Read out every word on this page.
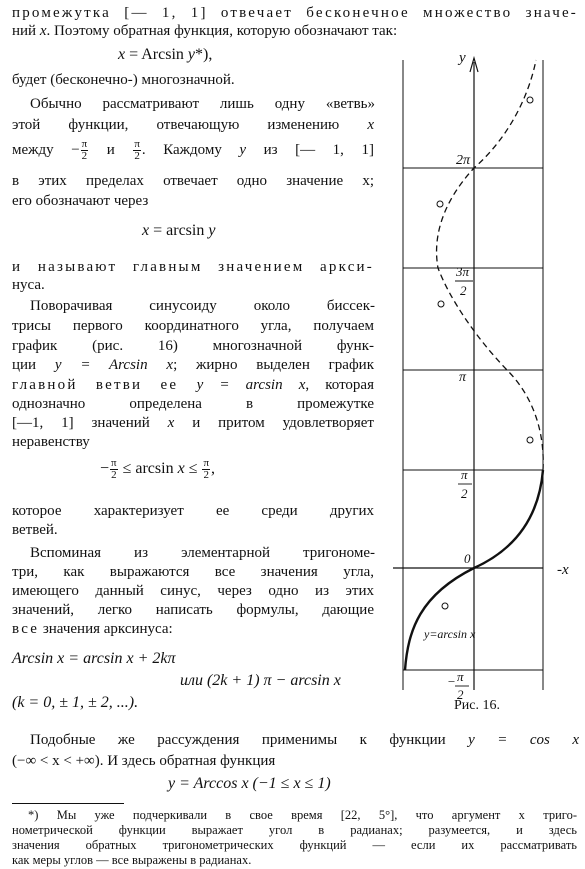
промежутка [— 1, 1] отвечает бесконечное множество значе-
ний x. Поэтому обратная функция, которую обозначают так:
x = Arcsin y*),
будет (бесконечно-) многозначной.
Обычно рассматривают лишь одну «ветвь»
этой функции, отвечающую изменению x
между − $\frac{\pi}{2}$ и $\frac{\pi}{2}$ . Каждому y из [— 1, 1]
в этих пределах отвечает одно значение x;
его обозначают через
x = arcsin y
и называют главным значением аркси-
нуса.
Поворачивая синусоиду около биссек-
трисы первого координатного угла, получаем
график (рис. 16) многозначной функ-
ции y = Arcsin x; жирно выделен график
главной ветви ее y = arcsin x, которая
однозначно определена в промежутке
[—1, 1] значений x и притом удовлетворяет
неравенству
− $\frac{\pi}{2} \le \arcsin x \le \frac{\pi}{2}$ ,
которое характеризует ее среди других
ветвей.
Вспоминая из элементарной тригономе-
три, как выражаются все значения угла,
имеющего данный синус, через одно из этих
значений, легко написать формулы, дающие
все значения арксинуса:
Arcsin x = arcsin x + 2kπ
или (2k + 1) π − arcsin x
(k = 0, ± 1, ± 2, ...).
Подобные же рассуждения применимы к функции y = cos x
(−∞ < x < +∞). И здесь обратная функция
y = Arccos x (−1 ≤ x ≤ 1)
*) Мы уже подчеркивали в свое время [22, 5°], что аргумент x триго-
нометрической функции выражает угол в радианах; разумеется, и здесь
значения обратных тригонометрических функций — если их рассматривать
как меры углов — все выражены в радианах.
y
-x
0
2π
3π
2
π
π
2
− π
2
y=arcsin x
Рис. 16.
